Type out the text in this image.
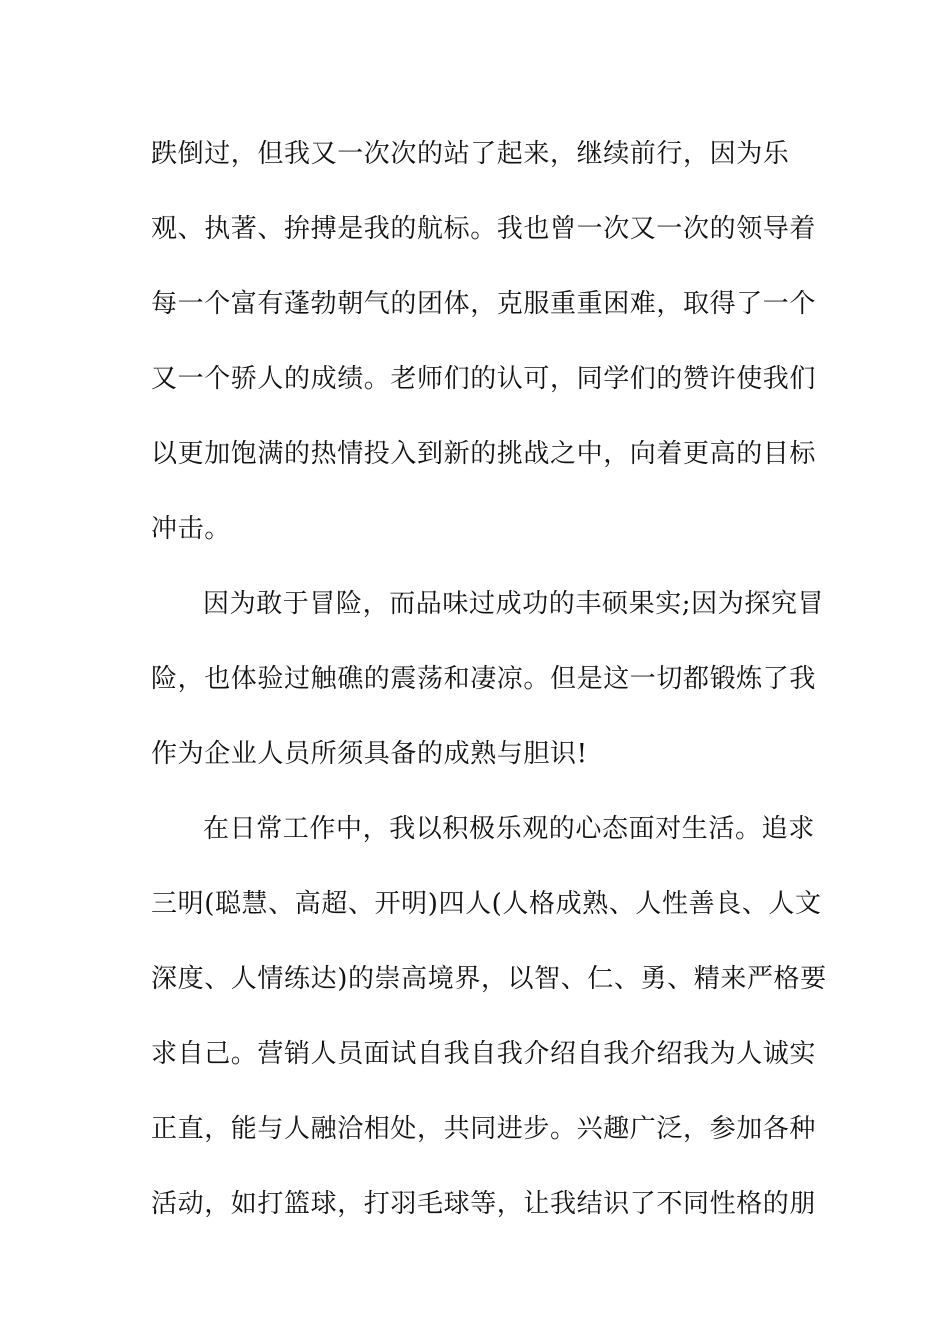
跌倒过，但我又一次次的站了起来，继续前行，因为乐
观、执著、拚搏是我的航标。我也曾一次又一次的领导着
每一个富有蓬勃朝气的团体，克服重重困难，取得了一个
又一个骄人的成绩。老师们的认可，同学们的赞许使我们
以更加饱满的热情投入到新的挑战之中，向着更高的目标
冲击。
因为敢于冒险，而品味过成功的丰硕果实;因为探究冒
险，也体验过触礁的震荡和凄凉。但是这一切都锻炼了我
作为企业人员所须具备的成熟与胆识!
在日常工作中，我以积极乐观的心态面对生活。追求
三明(聪慧、高超、开明)四人(人格成熟、人性善良、人文
深度、人情练达)的崇高境界，以智、仁、勇、精来严格要
求自己。营销人员面试自我自我介绍自我介绍我为人诚实
正直，能与人融洽相处，共同进步。兴趣广泛，参加各种
活动，如打篮球，打羽毛球等，让我结识了不同性格的朋
